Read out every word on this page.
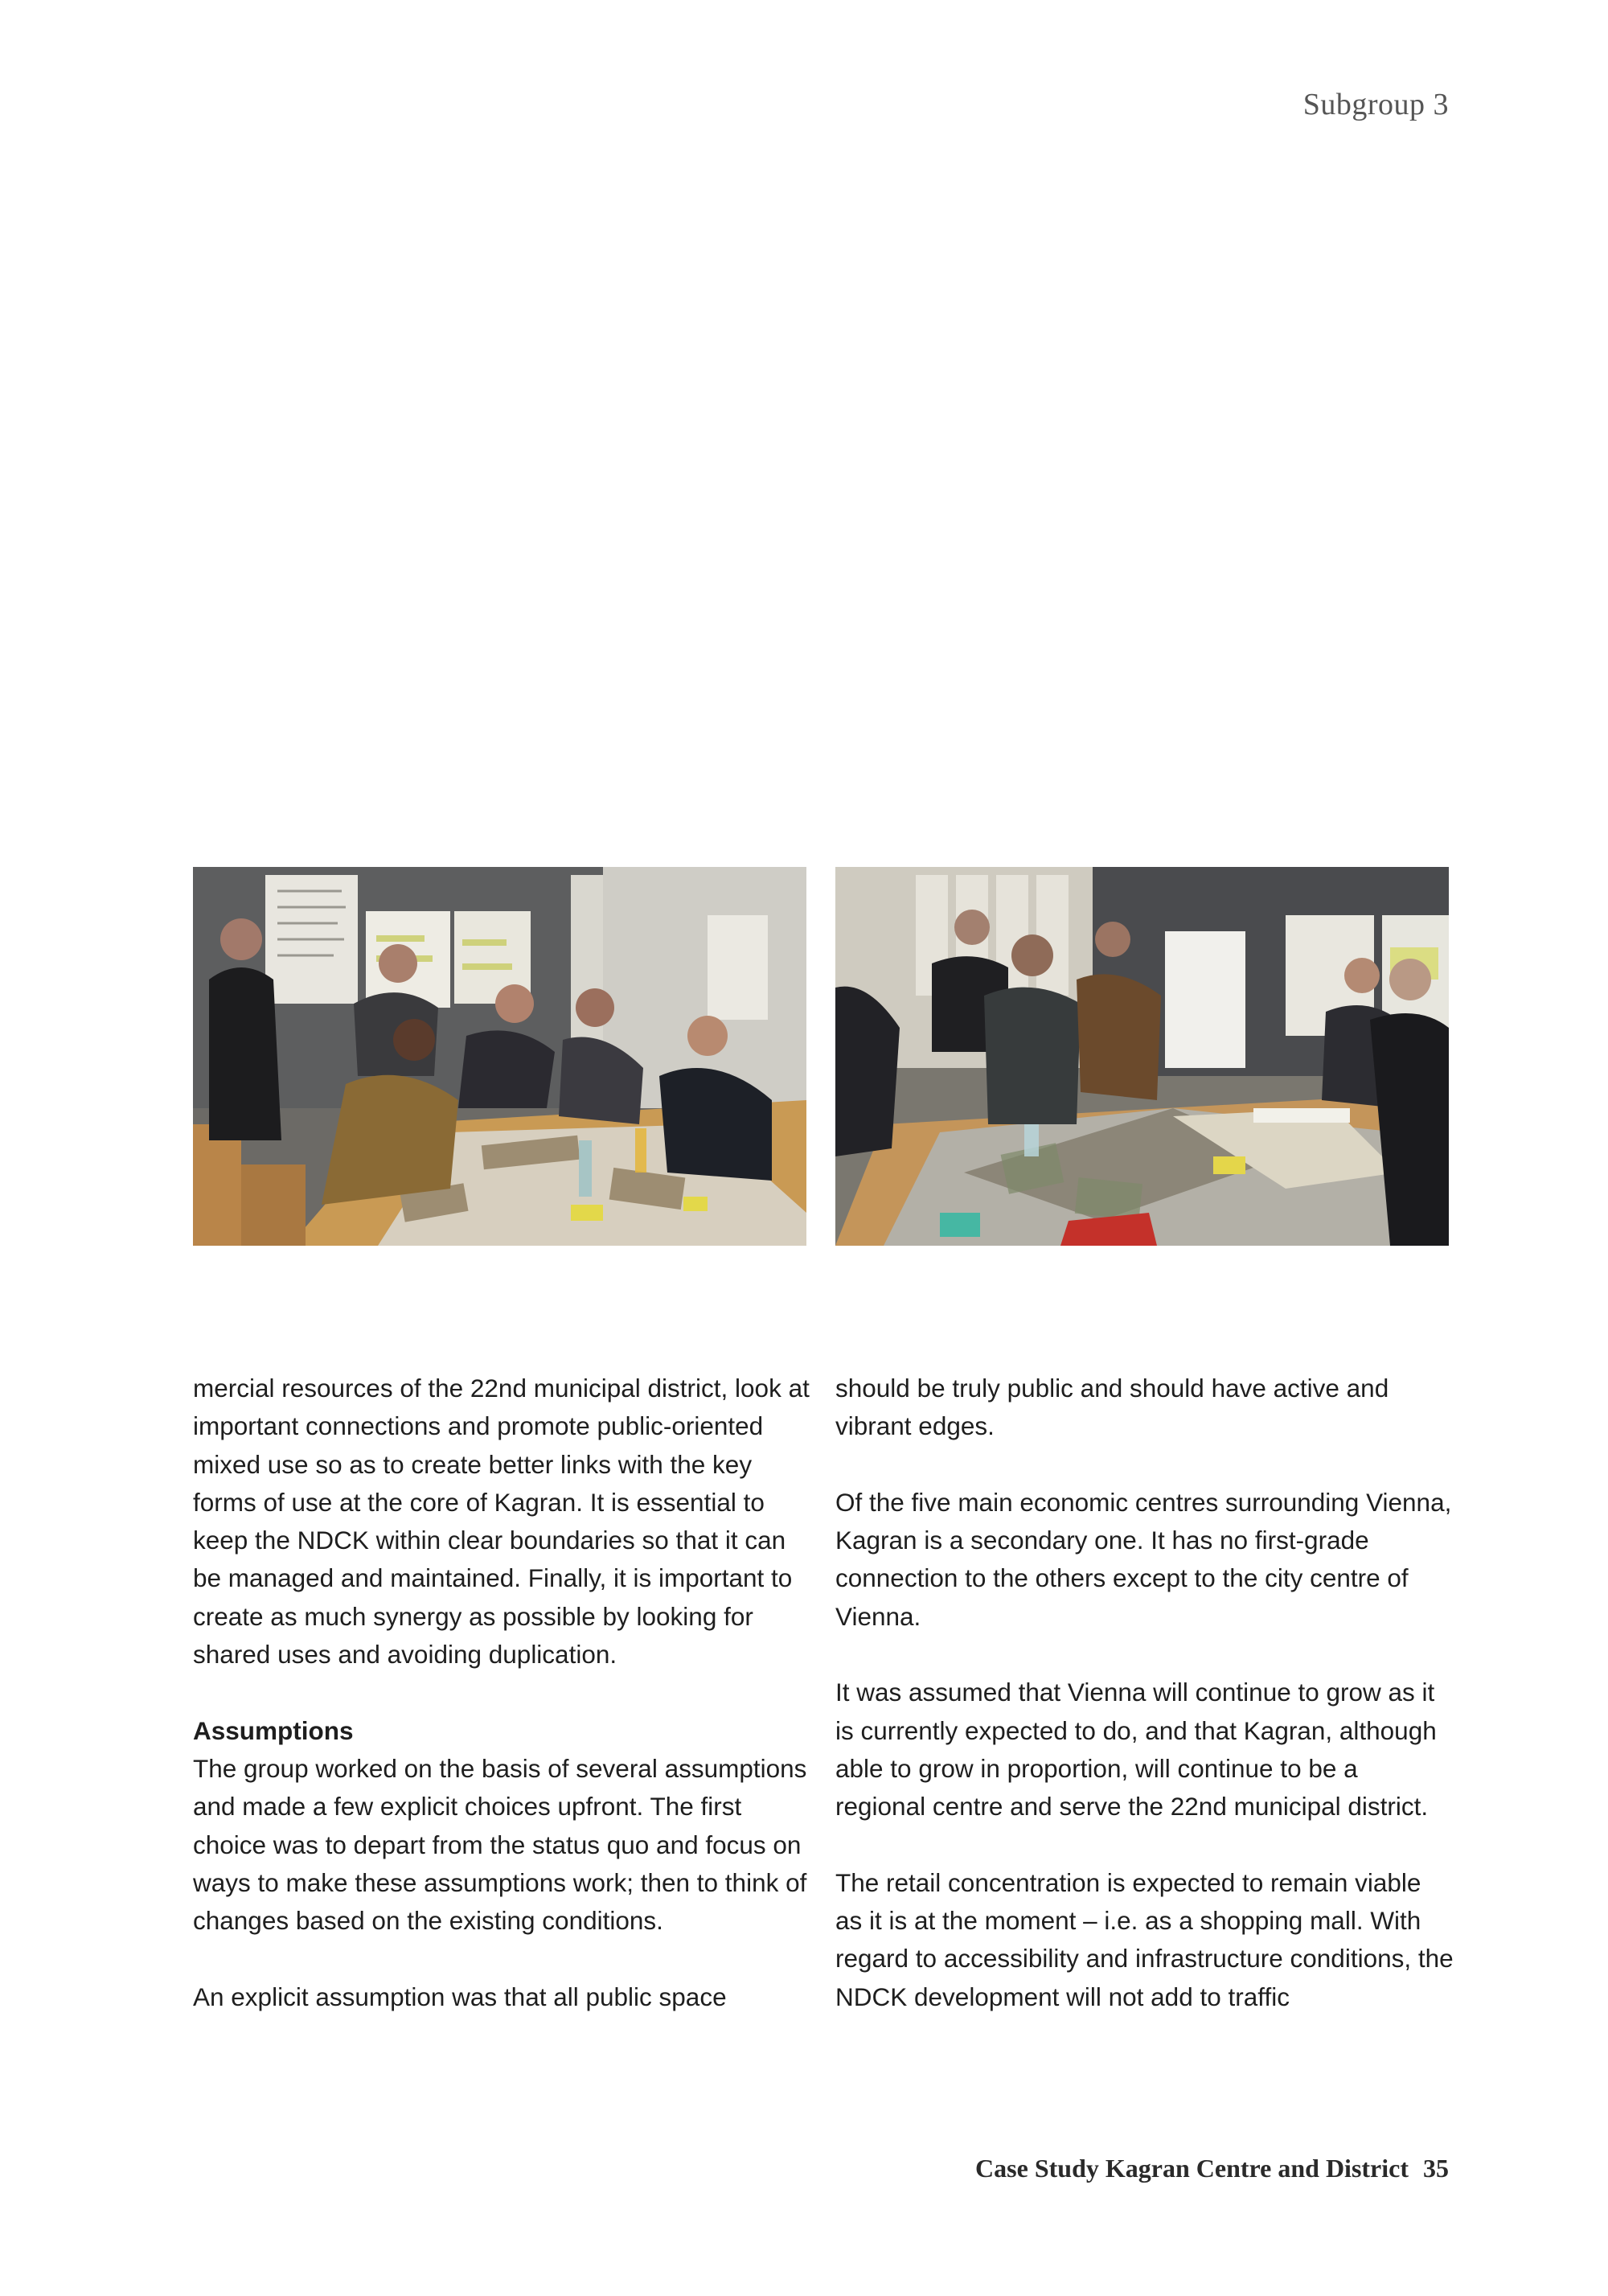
Subgroup 3

mercial resources of the 22nd municipal district, look at important connections and promote public-oriented mixed use so as to create better links with the key forms of use at the core of Kagran. It is essential to keep the NDCK within clear boundaries so that it can be managed and maintained. Finally, it is important to create as much synergy as possible by looking for shared uses and avoiding duplication.

Assumptions

The group worked on the basis of several assumptions and made a few explicit choices upfront. The first choice was to depart from the status quo and focus on ways to make these assumptions work; then to think of changes based on the existing conditions.

An explicit assumption was that all public space

should be truly public and should have active and vibrant edges.

Of the five main economic centres surrounding Vienna, Kagran is a secondary one. It has no first-grade connection to the others except to the city centre of Vienna.

It was assumed that Vienna will continue to grow as it is currently expected to do, and that Kagran, although able to grow in proportion, will continue to be a regional centre and serve the 22nd municipal district.

The retail concentration is expected to remain viable as it is at the moment – i.e. as a shopping mall. With regard to accessibility and infrastructure conditions, the NDCK development will not add to traffic

Case Study Kagran Centre and District 35
